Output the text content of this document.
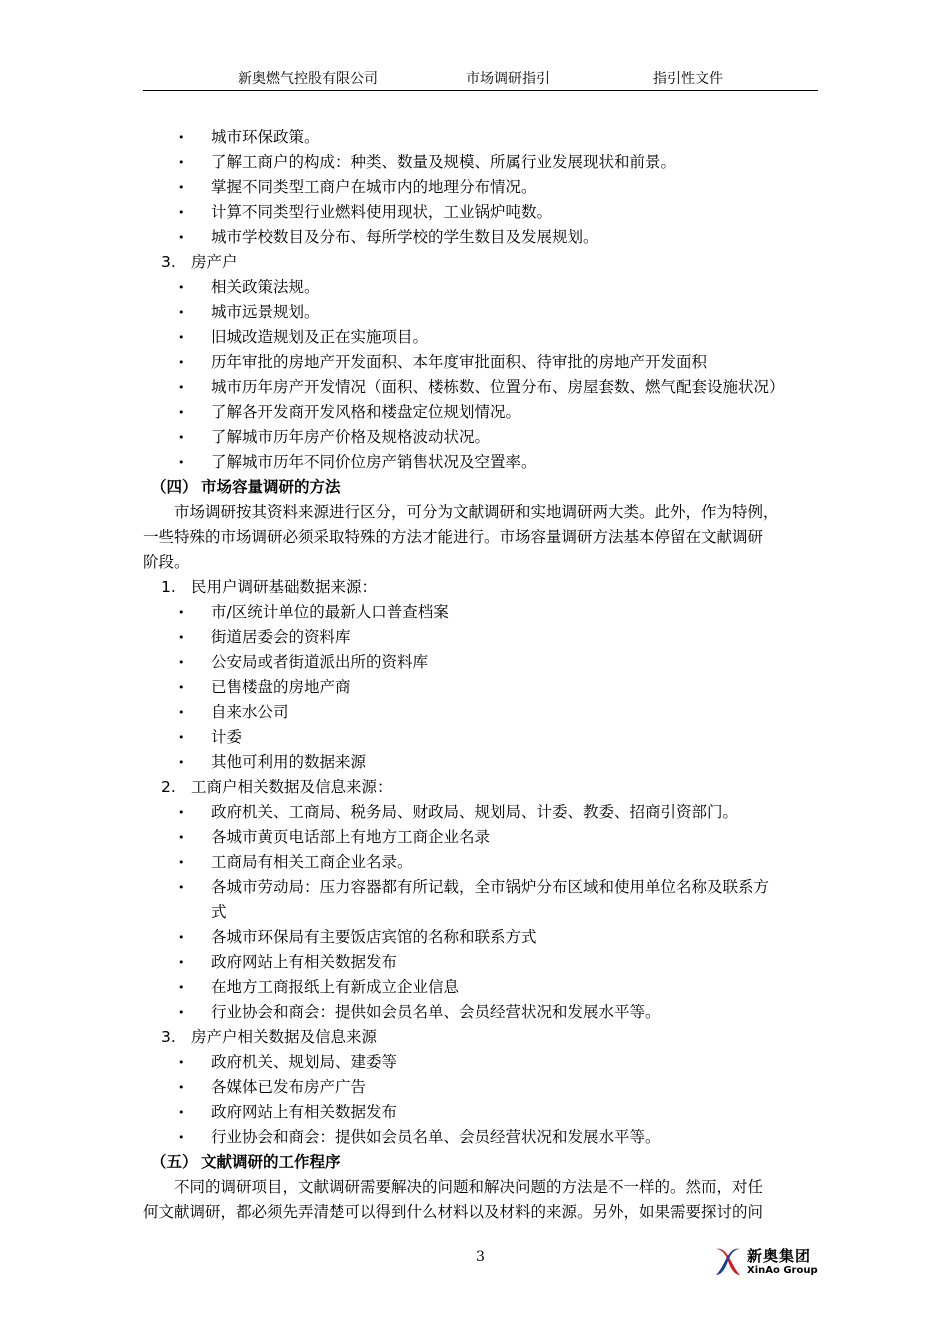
新奥燃气控股有限公司	市场调研指引	指引性文件
• 城市环保政策。
• 了解工商户的构成：种类、数量及规模、所属行业发展现状和前景。
• 掌握不同类型工商户在城市内的地理分布情况。
• 计算不同类型行业燃料使用现状，工业锅炉吨数。
• 城市学校数目及分布、每所学校的学生数目及发展规划。
3. 房产户
• 相关政策法规。
• 城市远景规划。
• 旧城改造规划及正在实施项目。
• 历年审批的房地产开发面积、本年度审批面积、待审批的房地产开发面积
• 城市历年房产开发情况（面积、楼栋数、位置分布、房屋套数、燃气配套设施状况）
• 了解各开发商开发风格和楼盘定位规划情况。
• 了解城市历年房产价格及规格波动状况。
• 了解城市历年不同价位房产销售状况及空置率。
（四） 市场容量调研的方法
　　市场调研按其资料来源进行区分，可分为文献调研和实地调研两大类。此外，作为特例，
一些特殊的市场调研必须采取特殊的方法才能进行。市场容量调研方法基本停留在文献调研
阶段。
1. 民用户调研基础数据来源：
• 市/区统计单位的最新人口普查档案
• 街道居委会的资料库
• 公安局或者街道派出所的资料库
• 已售楼盘的房地产商
• 自来水公司
• 计委
• 其他可利用的数据来源
2. 工商户相关数据及信息来源：
• 政府机关、工商局、税务局、财政局、规划局、计委、教委、招商引资部门。
• 各城市黄页电话部上有地方工商企业名录
• 工商局有相关工商企业名录。
• 各城市劳动局：压力容器都有所记载，全市锅炉分布区域和使用单位名称及联系方
式
• 各城市环保局有主要饭店宾馆的名称和联系方式
• 政府网站上有相关数据发布
• 在地方工商报纸上有新成立企业信息
• 行业协会和商会：提供如会员名单、会员经营状况和发展水平等。
3. 房产户相关数据及信息来源
• 政府机关、规划局、建委等
• 各媒体已发布房产广告
• 政府网站上有相关数据发布
• 行业协会和商会：提供如会员名单、会员经营状况和发展水平等。
（五） 文献调研的工作程序
　　不同的调研项目，文献调研需要解决的问题和解决问题的方法是不一样的。然而，对任
何文献调研，都必须先弄清楚可以得到什么材料以及材料的来源。另外，如果需要探讨的问
3	新奥集团
XinAo Group
